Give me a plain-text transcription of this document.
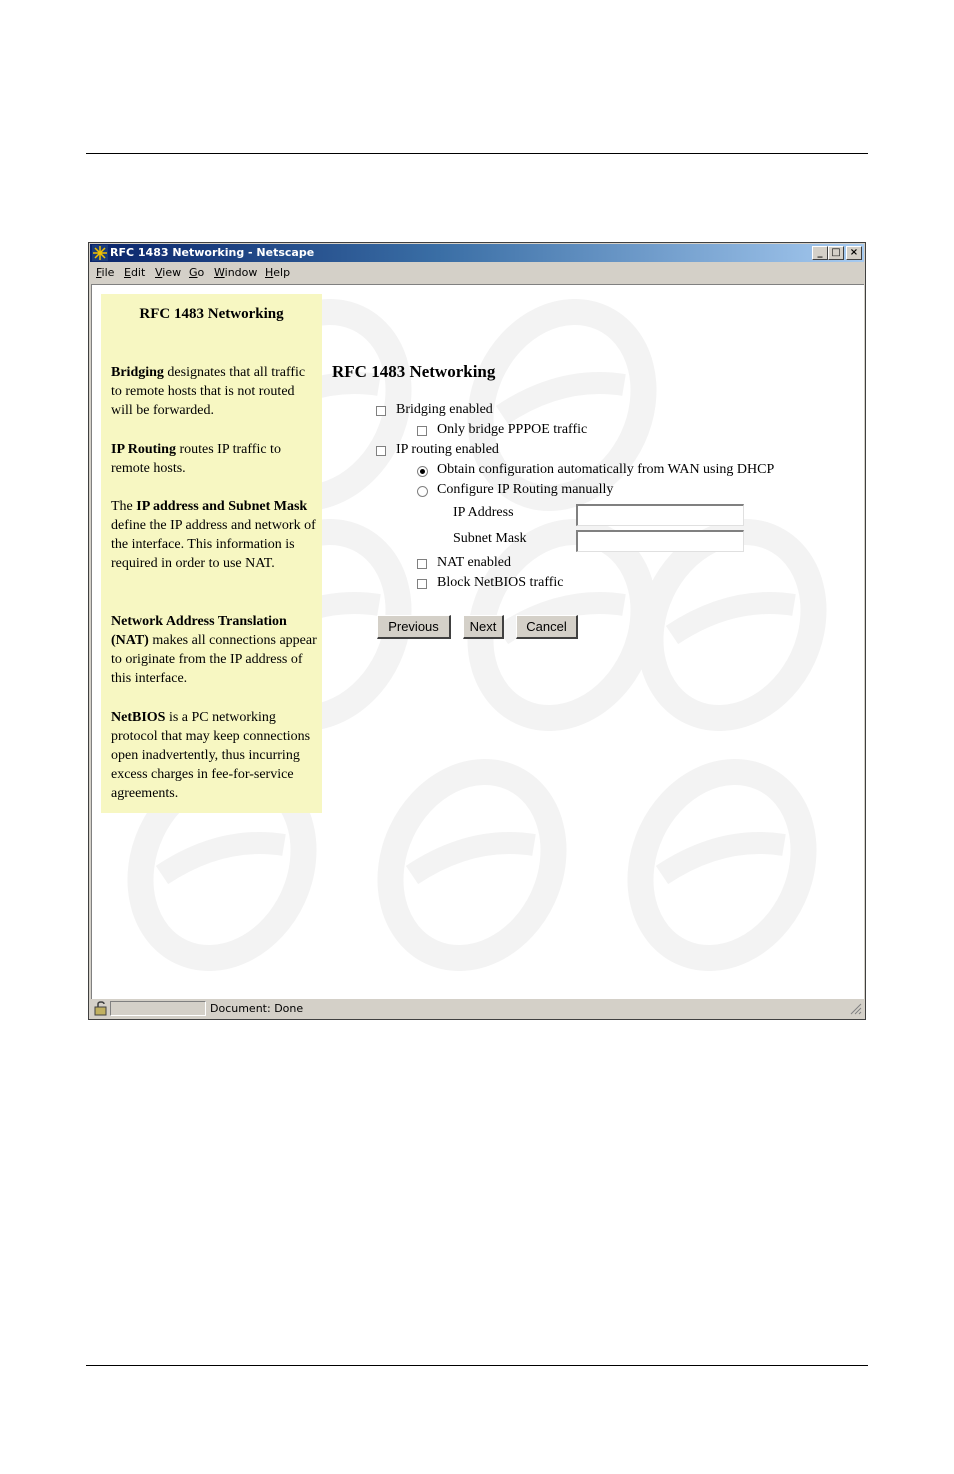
RFC 1483 Networking - Netscape	_ □ ×
File Edit View Go Window Help
RFC 1483 Networking
Bridging designates that all traffic to remote hosts that is not routed will be forwarded.
IP Routing routes IP traffic to remote hosts.
The IP address and Subnet Mask define the IP address and network of the interface. This information is required in order to use NAT.
Network Address Translation (NAT) makes all connections appear to originate from the IP address of this interface.
NetBIOS is a PC networking protocol that may keep connections open inadvertently, thus incurring excess charges in fee-for-service agreements.
RFC 1483 Networking
Bridging enabled
Only bridge PPPOE traffic
IP routing enabled
Obtain configuration automatically from WAN using DHCP
Configure IP Routing manually
IP Address
Subnet Mask
NAT enabled
Block NetBIOS traffic
Previous	Next	Cancel
Document: Done
